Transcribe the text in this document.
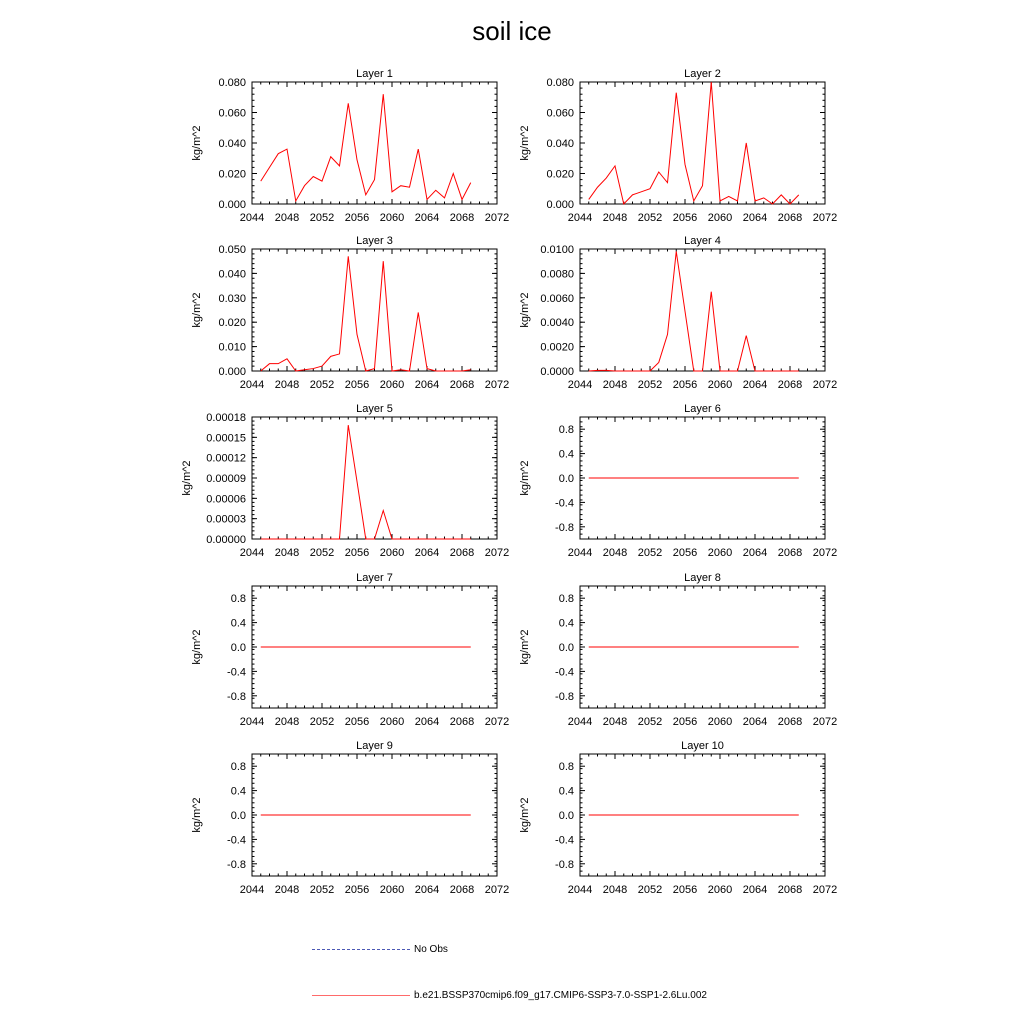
soil ice
Layer 1
kg/m^2
2044 2048 2052 2056 2060 2064 2068 2072
0.000
0.020
0.040
0.060
0.080
Layer 2
kg/m^2
2044 2048 2052 2056 2060 2064 2068 2072
0.000
0.020
0.040
0.060
0.080
Layer 3
kg/m^2
2044 2048 2052 2056 2060 2064 2068 2072
0.000
0.010
0.020
0.030
0.040
0.050
Layer 4
kg/m^2
2044 2048 2052 2056 2060 2064 2068 2072
0.0000
0.0020
0.0040
0.0060
0.0080
0.0100
Layer 5
kg/m^2
2044 2048 2052 2056 2060 2064 2068 2072
0.00000
0.00003
0.00006
0.00009
0.00012
0.00015
0.00018
Layer 6
kg/m^2
2044 2048 2052 2056 2060 2064 2068 2072
-0.8
-0.4
0.0
0.4
0.8
Layer 7
kg/m^2
2044 2048 2052 2056 2060 2064 2068 2072
-0.8
-0.4
0.0
0.4
0.8
Layer 8
kg/m^2
2044 2048 2052 2056 2060 2064 2068 2072
-0.8
-0.4
0.0
0.4
0.8
Layer 9
kg/m^2
2044 2048 2052 2056 2060 2064 2068 2072
-0.8
-0.4
0.0
0.4
0.8
Layer 10
kg/m^2
2044 2048 2052 2056 2060 2064 2068 2072
-0.8
-0.4
0.0
0.4
0.8
No Obs
b.e21.BSSP370cmip6.f09_g17.CMIP6-SSP3-7.0-SSP1-2.6Lu.002
